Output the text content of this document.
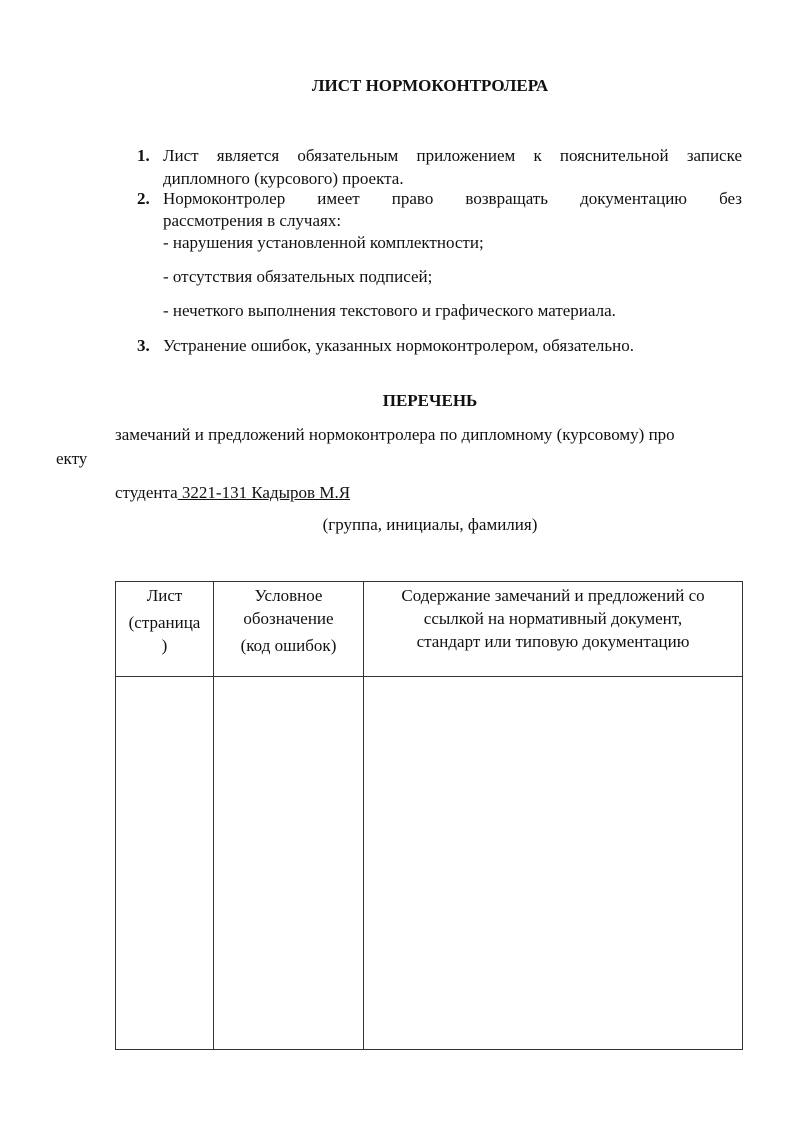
ЛИСТ НОРМОКОНТРОЛЕРА
1. Лист является обязательным приложением к пояснительной записке
дипломного (курсового) проекта.
2. Нормоконтролер имеет право возвращать документацию без
рассмотрения в случаях:
- нарушения установленной комплектности;
- отсутствия обязательных подписей;
- нечеткого выполнения текстового и графического материала.
3. Устранение ошибок, указанных нормоконтролером, обязательно.
ПЕРЕЧЕНЬ
замечаний и предложений нормоконтролера по дипломному (курсовому) про
екту
студента 3221-131 Кадыров М.Я
(группа, инициалы, фамилия)
Лист
(страница
)	Условное
обозначение
(код ошибок)	Содержание замечаний и предложений со
ссылкой на нормативный документ,
стандарт или типовую документацию
